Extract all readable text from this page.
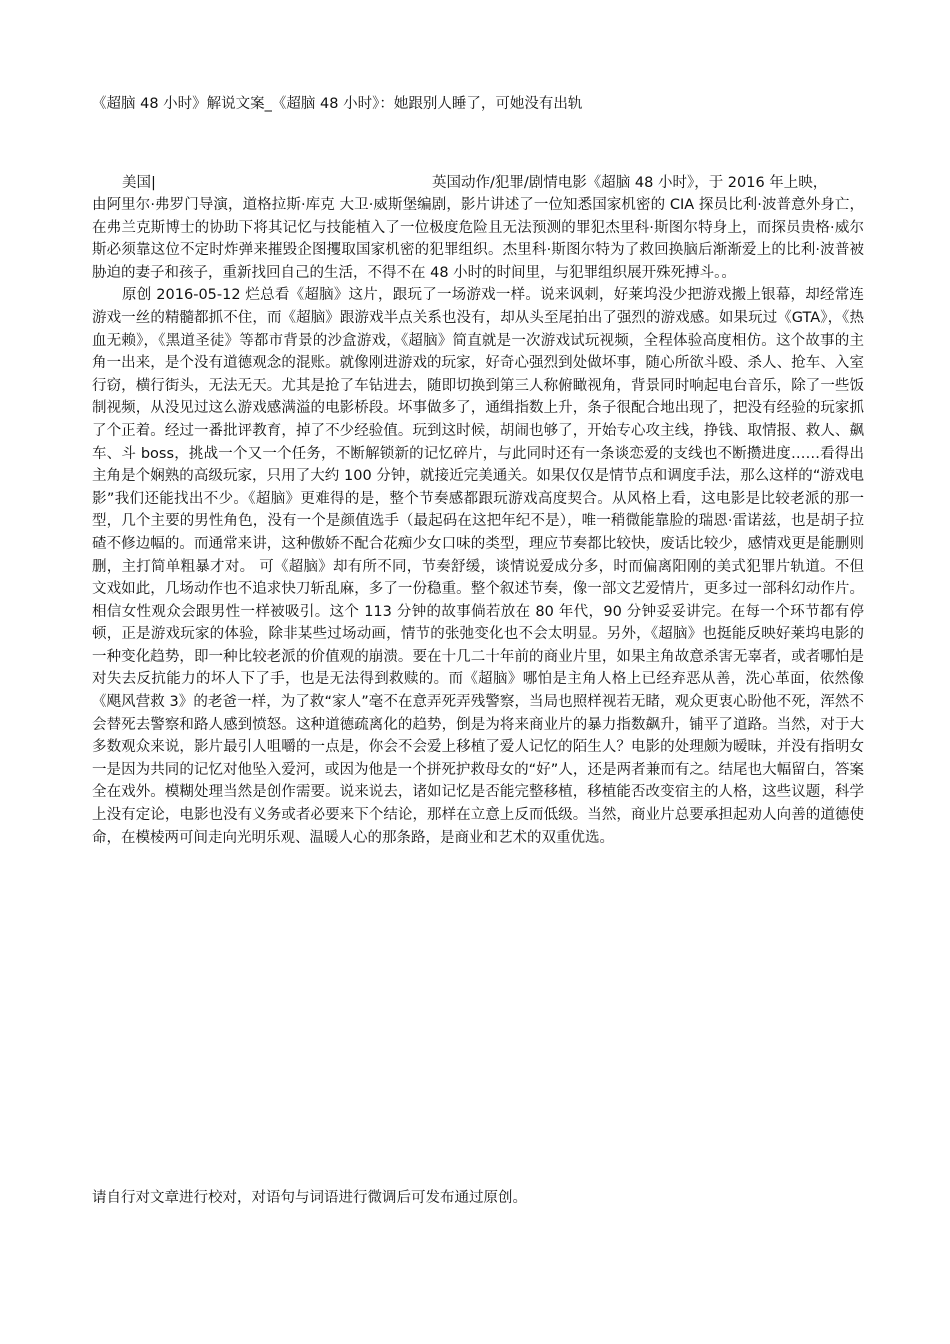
《超脑 48 小时》解说文案_《超脑 48 小时》：她跟别人睡了，可她没有出轨
美国|	英国动作/犯罪/剧情电影《超脑 48 小时》，于 2016 年上映，

由阿里尔·弗罗门导演，道格拉斯·库克 大卫·威斯堡编剧，影片讲述了一位知悉国家机密的 CIA 探员比利·波普意外身亡，在弗兰克斯博士的协助下将其记忆与技能植入了一位极度危险且无法预测的罪犯杰里科·斯图尔特身上，而探员贵格·威尔斯必须靠这位不定时炸弹来摧毁企图攫取国家机密的犯罪组织。杰里科·斯图尔特为了救回换脑后渐渐爱上的比利·波普被胁迫的妻子和孩子，重新找回自己的生活，不得不在 48 小时的时间里，与犯罪组织展开殊死搏斗。。

原创 2016-05-12 烂总看《超脑》这片，跟玩了一场游戏一样。说来讽刺，好莱坞没少把游戏搬上银幕，却经常连游戏一丝的精髓都抓不住，而《超脑》跟游戏半点关系也没有，却从头至尾拍出了强烈的游戏感。如果玩过《GTA》，《热血无赖》，《黑道圣徒》等都市背景的沙盒游戏，《超脑》简直就是一次游戏试玩视频，全程体验高度相仿。这个故事的主角一出来，是个没有道德观念的混账。就像刚进游戏的玩家，好奇心强烈到处做坏事，随心所欲斗殴、杀人、抢车、入室行窃，横行街头，无法无天。尤其是抢了车钻进去，随即切换到第三人称俯瞰视角，背景同时响起电台音乐，除了一些饭制视频，从没见过这么游戏感满溢的电影桥段。坏事做多了，通缉指数上升，条子很配合地出现了，把没有经验的玩家抓了个正着。经过一番批评教育，掉了不少经验值。玩到这时候，胡闹也够了，开始专心攻主线，挣钱、取情报、救人、飙车、斗 boss，挑战一个又一个任务，不断解锁新的记忆碎片，与此同时还有一条谈恋爱的支线也不断攒进度……看得出主角是个娴熟的高级玩家，只用了大约 100 分钟，就接近完美通关。如果仅仅是情节点和调度手法，那么这样的“游戏电影”我们还能找出不少。《超脑》更难得的是，整个节奏感都跟玩游戏高度契合。从风格上看，这电影是比较老派的那一型，几个主要的男性角色，没有一个是颜值选手（最起码在这把年纪不是），唯一稍微能靠脸的瑞恩·雷诺兹，也是胡子拉碴不修边幅的。而通常来讲，这种傲娇不配合花痴少女口味的类型，理应节奏都比较快，废话比较少，感情戏更是能删则删，主打简单粗暴才对。 可《超脑》却有所不同，节奏舒缓，谈情说爱成分多，时而偏离阳刚的美式犯罪片轨道。不但文戏如此，几场动作也不追求快刀斩乱麻，多了一份稳重。整个叙述节奏，像一部文艺爱情片，更多过一部科幻动作片。相信女性观众会跟男性一样被吸引。这个 113 分钟的故事倘若放在 80 年代，90 分钟妥妥讲完。在每一个环节都有停顿，正是游戏玩家的体验，除非某些过场动画，情节的张弛变化也不会太明显。另外，《超脑》也挺能反映好莱坞电影的一种变化趋势，即一种比较老派的价值观的崩溃。要在十几二十年前的商业片里，如果主角故意杀害无辜者，或者哪怕是对失去反抗能力的坏人下了手，也是无法得到救赎的。而《超脑》哪怕是主角人格上已经弃恶从善，洗心革面，依然像《飓风营救 3》的老爸一样，为了救“家人”毫不在意弄死弄残警察，当局也照样视若无睹，观众更衷心盼他不死，浑然不会替死去警察和路人感到愤怒。这种道德疏离化的趋势，倒是为将来商业片的暴力指数飙升，铺平了道路。当然，对于大多数观众来说，影片最引人咀嚼的一点是，你会不会爱上移植了爱人记忆的陌生人？电影的处理颇为暧昧，并没有指明女一是因为共同的记忆对他坠入爱河，或因为他是一个拼死护救母女的“好”人，还是两者兼而有之。结尾也大幅留白，答案全在戏外。模糊处理当然是创作需要。说来说去，诸如记忆是否能完整移植，移植能否改变宿主的人格，这些议题，科学上没有定论，电影也没有义务或者必要来下个结论，那样在立意上反而低级。当然，商业片总要承担起劝人向善的道德使命，在模棱两可间走向光明乐观、温暖人心的那条路，是商业和艺术的双重优选。

请自行对文章进行校对，对语句与词语进行微调后可发布通过原创。
